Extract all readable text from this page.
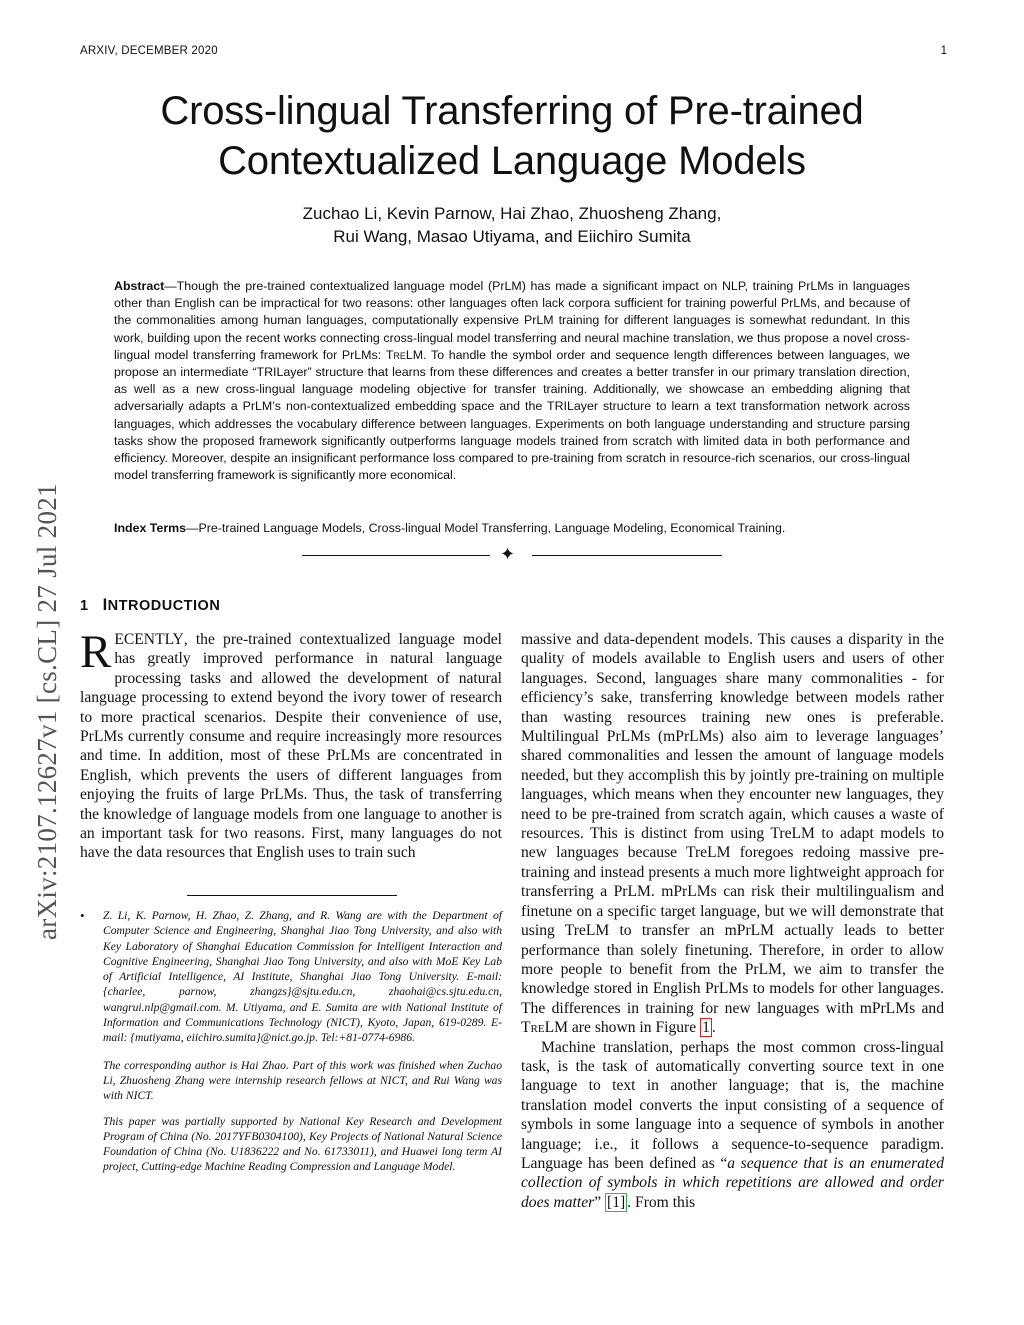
ARXIV, DECEMBER 2020	1
Cross-lingual Transferring of Pre-trained
Contextualized Language Models
Zuchao Li, Kevin Parnow, Hai Zhao, Zhuosheng Zhang,
Rui Wang, Masao Utiyama, and Eiichiro Sumita

Abstract—Though the pre-trained contextualized language model (PrLM) has made a significant impact on NLP, training PrLMs in languages other than English can be impractical for two reasons: other languages often lack corpora sufficient for training powerful PrLMs, and because of the commonalities among human languages, computationally expensive PrLM training for different languages is somewhat redundant. In this work, building upon the recent works connecting cross-lingual model transferring and neural machine translation, we thus propose a novel cross-lingual model transferring framework for PrLMs: TreLM. To handle the symbol order and sequence length differences between languages, we propose an intermediate “TRILayer” structure that learns from these differences and creates a better transfer in our primary translation direction, as well as a new cross-lingual language modeling objective for transfer training. Additionally, we showcase an embedding aligning that adversarially adapts a PrLM’s non-contextualized embedding space and the TRILayer structure to learn a text transformation network across languages, which addresses the vocabulary difference between languages. Experiments on both language understanding and structure parsing tasks show the proposed framework significantly outperforms language models trained from scratch with limited data in both performance and efficiency. Moreover, despite an insignificant performance loss compared to pre-training from scratch in resource-rich scenarios, our cross-lingual model transferring framework is significantly more economical.

Index Terms—Pre-trained Language Models, Cross-lingual Model Transferring, Language Modeling, Economical Training.

✦
arXiv:2107.12627v1 [cs.CL] 27 Jul 2021 1 INTRODUCTION
RECENTLY, the pre-trained contextualized language model has greatly improved performance in natural language processing tasks and allowed the development of natural language processing to extend beyond the ivory tower of research to more practical scenarios. Despite their convenience of use, PrLMs currently consume and require increasingly more resources and time. In addition, most of these PrLMs are concentrated in English, which prevents the users of different languages from enjoying the fruits of large PrLMs. Thus, the task of transferring the knowledge of language models from one language to another is an important task for two reasons. First, many languages do not have the data resources that English uses to train such
• Z. Li, K. Parnow, H. Zhao, Z. Zhang, and R. Wang are with the Department of Computer Science and Engineering, Shanghai Jiao Tong University, and also with Key Laboratory of Shanghai Education Commission for Intelligent Interaction and Cognitive Engineering, Shanghai Jiao Tong University, and also with MoE Key Lab of Artificial Intelligence, AI Institute, Shanghai Jiao Tong University. E-mail: {charlee, parnow, zhangzs}@sjtu.edu.cn, zhaohai@cs.sjtu.edu.cn, wangrui.nlp@gmail.com. M. Utiyama, and E. Sumita are with National Institute of Information and Communications Technology (NICT), Kyoto, Japan, 619-0289. E-mail: {mutiyama, eiichiro.sumita}@nict.go.jp. Tel:+81-0774-6986.

The corresponding author is Hai Zhao. Part of this work was finished when Zuchao Li, Zhuosheng Zhang were internship research fellows at NICT, and Rui Wang was with NICT.

This paper was partially supported by National Key Research and Development Program of China (No. 2017YFB0304100), Key Projects of National Natural Science Foundation of China (No. U1836222 and No. 61733011), and Huawei long term AI project, Cutting-edge Machine Reading Compression and Language Model.

massive and data-dependent models. This causes a disparity in the quality of models available to English users and users of other languages. Second, languages share many commonalities - for efficiency’s sake, transferring knowledge between models rather than wasting resources training new ones is preferable. Multilingual PrLMs (mPrLMs) also aim to leverage languages’ shared commonalities and lessen the amount of language models needed, but they accomplish this by jointly pre-training on multiple languages, which means when they encounter new languages, they need to be pre-trained from scratch again, which causes a waste of resources. This is distinct from using TreLM to adapt models to new languages because TreLM foregoes redoing massive pre-training and instead presents a much more lightweight approach for transferring a PrLM. mPrLMs can risk their multilingualism and finetune on a specific target language, but we will demonstrate that using TreLM to transfer an mPrLM actually leads to better performance than solely finetuning. Therefore, in order to allow more people to benefit from the PrLM, we aim to transfer the knowledge stored in English PrLMs to models for other languages. The differences in training for new languages with mPrLMs and TreLM are shown in Figure 1 .

Machine translation, perhaps the most common cross-lingual task, is the task of automatically converting source text in one language to text in another language; that is, the machine translation model converts the input consisting of a sequence of symbols in some language into a sequence of symbols in another language; i.e., it follows a sequence-to-sequence paradigm. Language has been defined as “a sequence that is an enumerated collection of symbols in which repetitions are allowed and order does matter” [1] . From this
